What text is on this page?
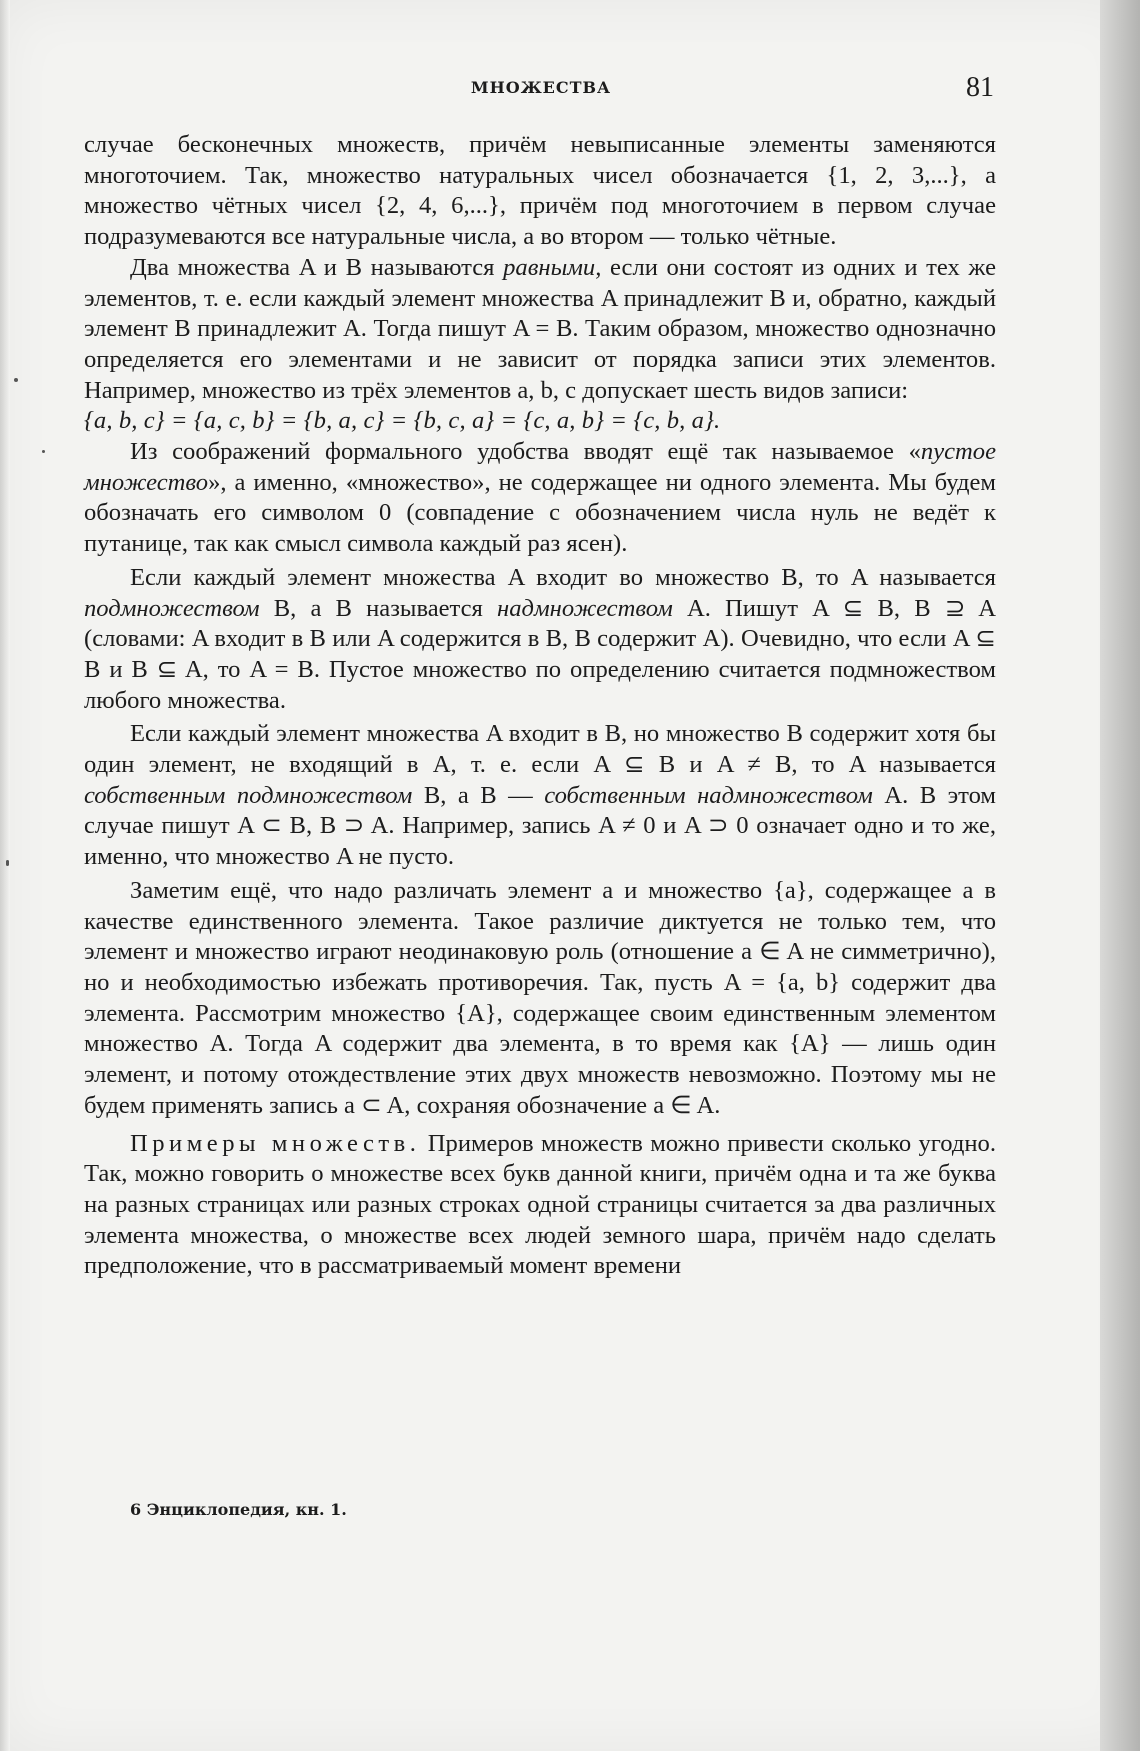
МНОЖЕСТВА	81

случае бесконечных множеств, причём невыписанные элементы заменяются многоточием. Так, множество натуральных чисел обозначается {1, 2, 3,...}, а множество чётных чисел {2, 4, 6,...}, причём под многоточием в первом случае подразумеваются все натуральные числа, а во втором — только чётные.

Два множества A и B называются равными, если они состоят из одних и тех же элементов, т. е. если каждый элемент множества A принадлежит B и, обратно, каждый элемент B принадлежит A. Тогда пишут A = B. Таким образом, множество однозначно определяется его элементами и не зависит от порядка записи этих элементов. Например, множество из трёх элементов a, b, c допускает шесть видов записи:

{a, b, c} = {a, c, b} = {b, a, c} = {b, c, a} = {c, a, b} = {c, b, a}.

Из соображений формального удобства вводят ещё так называемое «пустое множество», а именно, «множество», не содержащее ни одного элемента. Мы будем обозначать его символом 0 (совпадение с обозначением числа нуль не ведёт к путанице, так как смысл символа каждый раз ясен).

Если каждый элемент множества A входит во множество B, то A называется подмножеством B, а B называется надмножеством A. Пишут A ⊆ B, B ⊇ A (словами: A входит в B или A содержится в B, B содержит A). Очевидно, что если A ⊆ B и B ⊆ A, то A = B. Пустое множество по определению считается подмножеством любого множества.

Если каждый элемент множества A входит в B, но множество B содержит хотя бы один элемент, не входящий в A, т. е. если A ⊆ B и A ≠ B, то A называется собственным подмножеством B, а B — собственным надмножеством A. В этом случае пишут A ⊂ B, B ⊃ A. Например, запись A ≠ 0 и A ⊃ 0 означает одно и то же, именно, что множество A не пусто.

Заметим ещё, что надо различать элемент a и множество {a}, содержащее a в качестве единственного элемента. Такое различие диктуется не только тем, что элемент и множество играют неодинаковую роль (отношение a ∈ A не симметрично), но и необходимостью избежать противоречия. Так, пусть A = {a, b} содержит два элемента. Рассмотрим множество {A}, содержащее своим единственным элементом множество A. Тогда A содержит два элемента, в то время как {A} — лишь один элемент, и потому отождествление этих двух множеств невозможно. Поэтому мы не будем применять запись a ⊂ A, сохраняя обозначение a ∈ A.

Примеры множеств. Примеров множеств можно привести сколько угодно. Так, можно говорить о множестве всех букв данной книги, причём одна и та же буква на разных страницах или разных строках одной страницы считается за два различных элемента множества, о множестве всех людей земного шара, причём надо сделать предположение, что в рассматриваемый момент времени

6 Энциклопедия, кн. 1.
